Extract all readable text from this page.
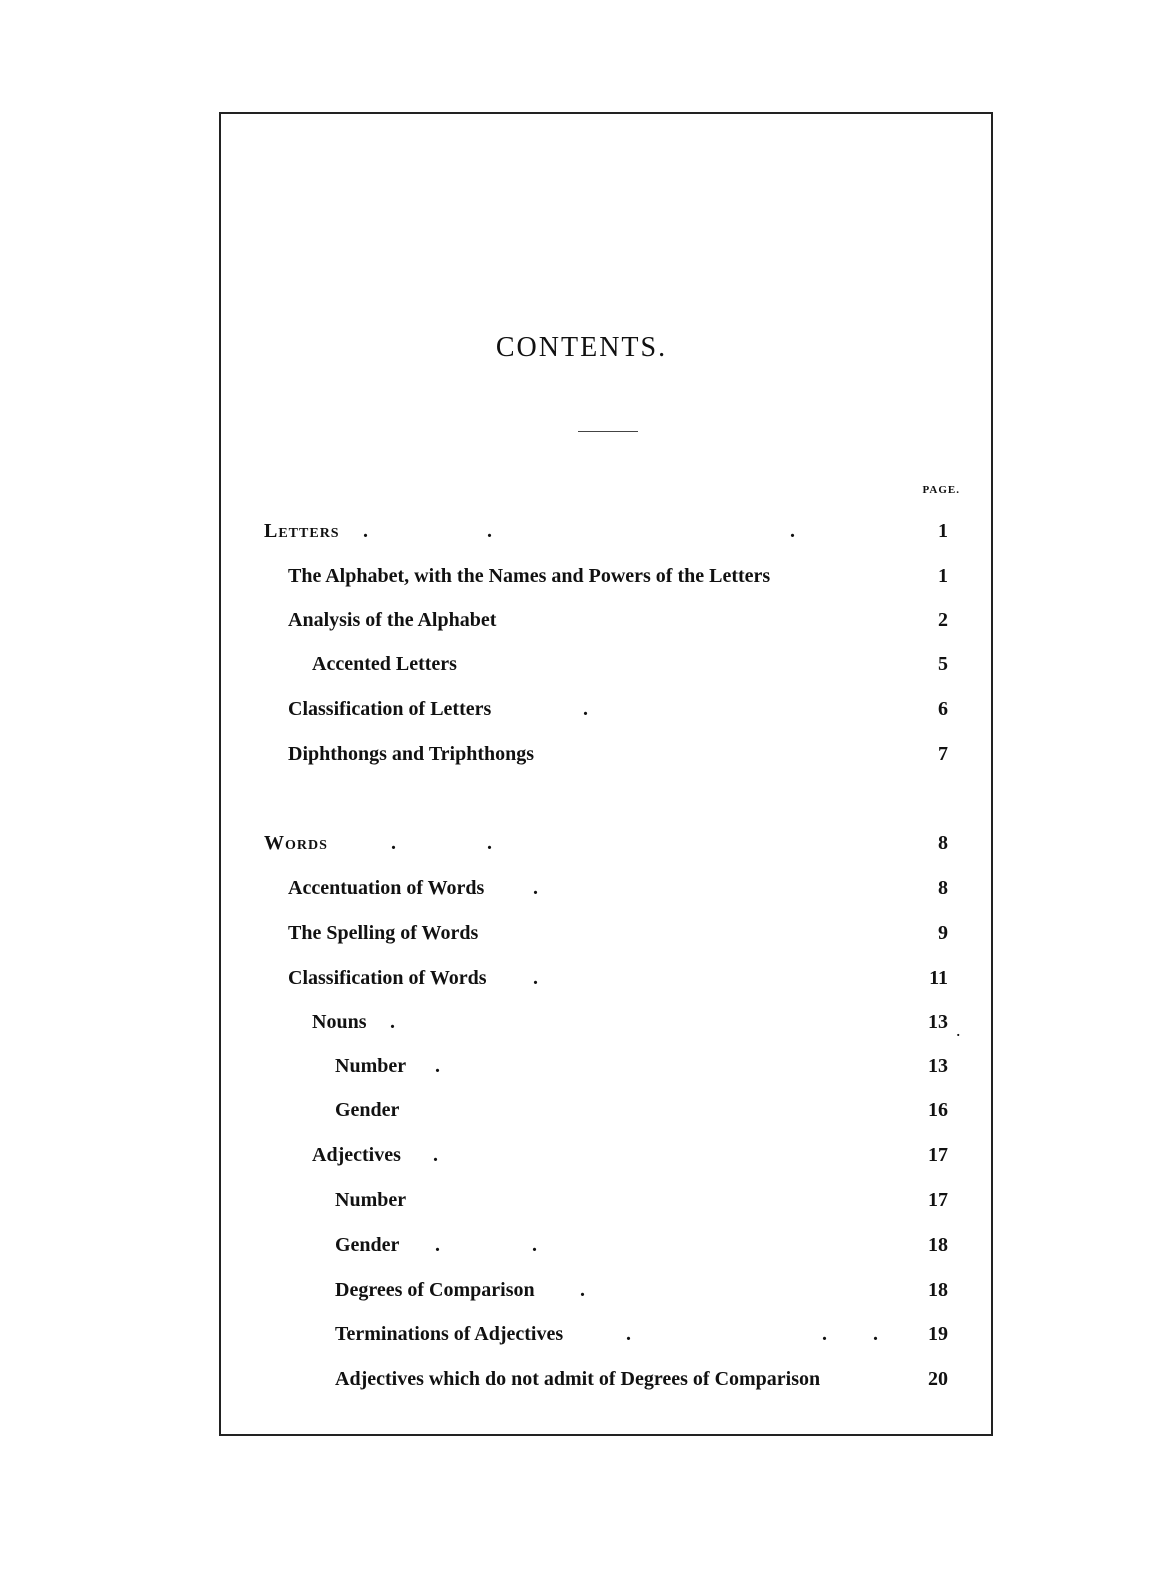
CONTENTS.
PAGE.
Letters .	.	.	1
The Alphabet, with the Names and Powers of the Letters	1
Analysis of the Alphabet	2
Accented Letters	5
Classification of Letters	.	6
Diphthongs and Triphthongs	7
Words	.	.	8
Accentuation of Words .	8
The Spelling of Words	9
Classification of Words .	11
Nouns .	13 .
Number .	13
Gender	16
Adjectives .	17
Number	17
Gender .	.	18
Degrees of Comparison .	18
Terminations of Adjectives	.	. .	19
Adjectives which do not admit of Degrees of Comparison	20
